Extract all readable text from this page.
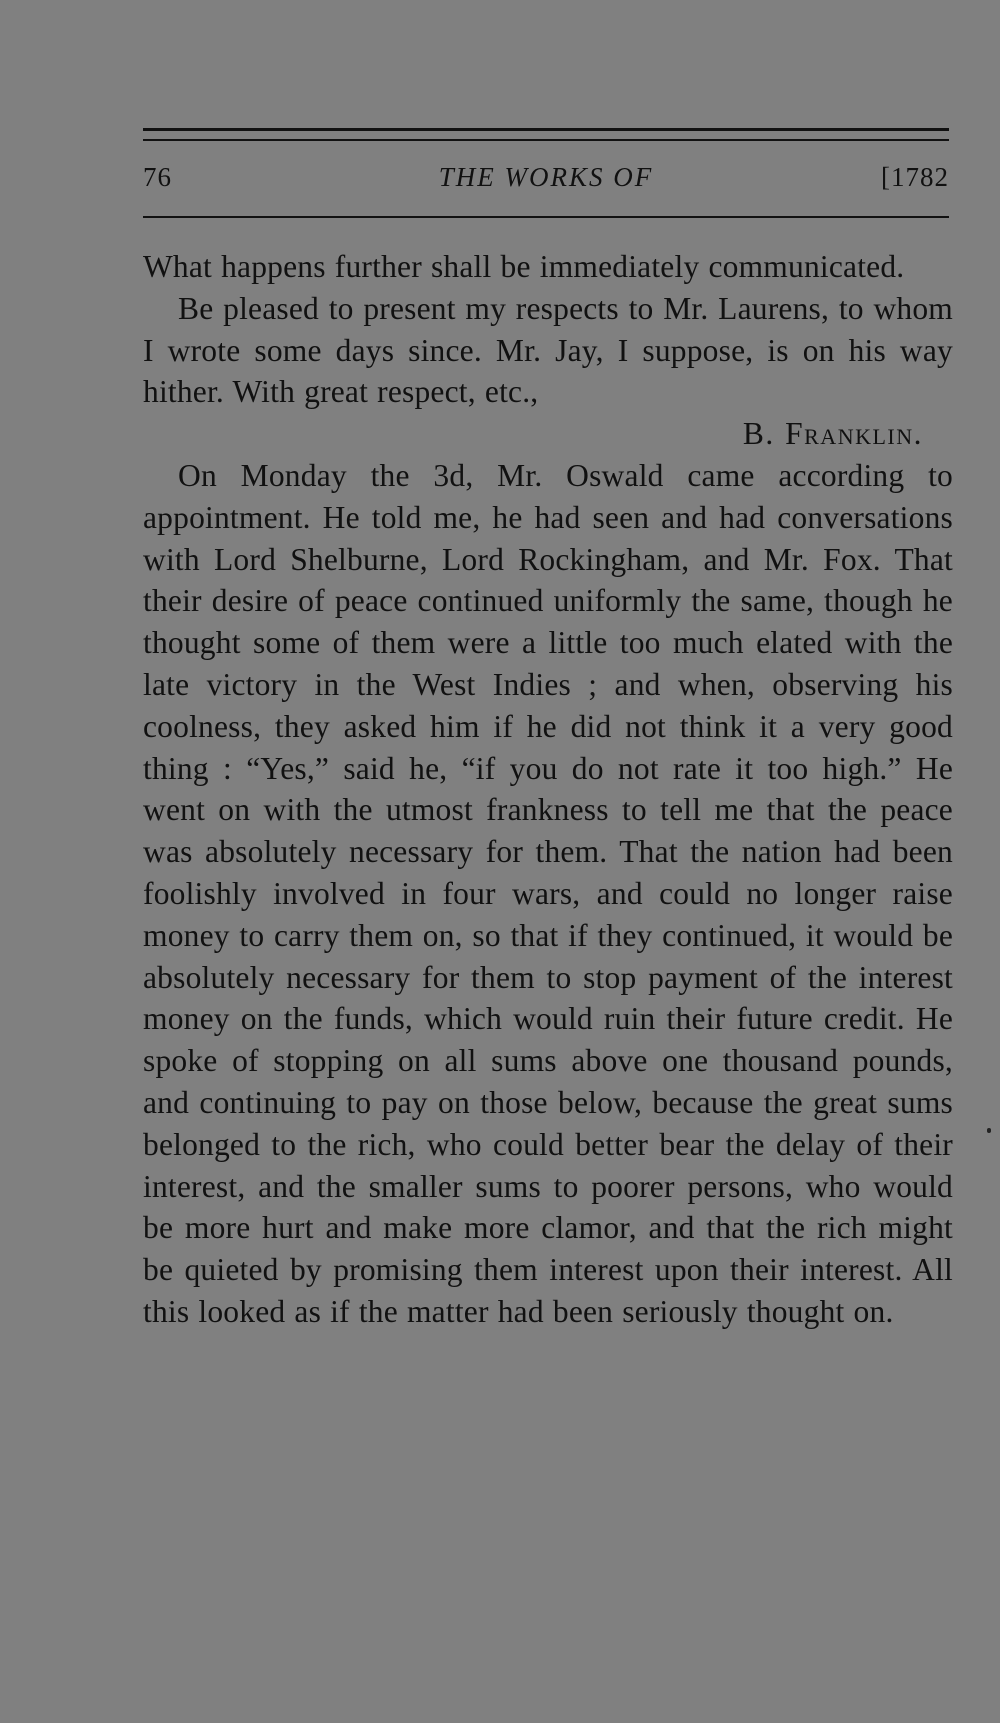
76	THE WORKS OF	[1782

What happens further shall be immediately communicated.

Be pleased to present my respects to Mr. Laurens, to whom I wrote some days since. Mr. Jay, I suppose, is on his way hither. With great respect, etc.,

B. Franklin.

On Monday the 3d, Mr. Oswald came according to appointment. He told me, he had seen and had conversations with Lord Shelburne, Lord Rockingham, and Mr. Fox. That their desire of peace continued uniformly the same, though he thought some of them were a little too much elated with the late victory in the West Indies ; and when, observing his coolness, they asked him if he did not think it a very good thing : “Yes,” said he, “if you do not rate it too high.” He went on with the utmost frankness to tell me that the peace was absolutely necessary for them. That the nation had been foolishly involved in four wars, and could no longer raise money to carry them on, so that if they continued, it would be absolutely necessary for them to stop payment of the interest money on the funds, which would ruin their future credit. He spoke of stopping on all sums above one thousand pounds, and continuing to pay on those below, because the great sums belonged to the rich, who could better bear the delay of their interest, and the smaller sums to poorer persons, who would be more hurt and make more clamor, and that the rich might be quieted by promising them interest upon their interest. All this looked as if the matter had been seriously thought on.
